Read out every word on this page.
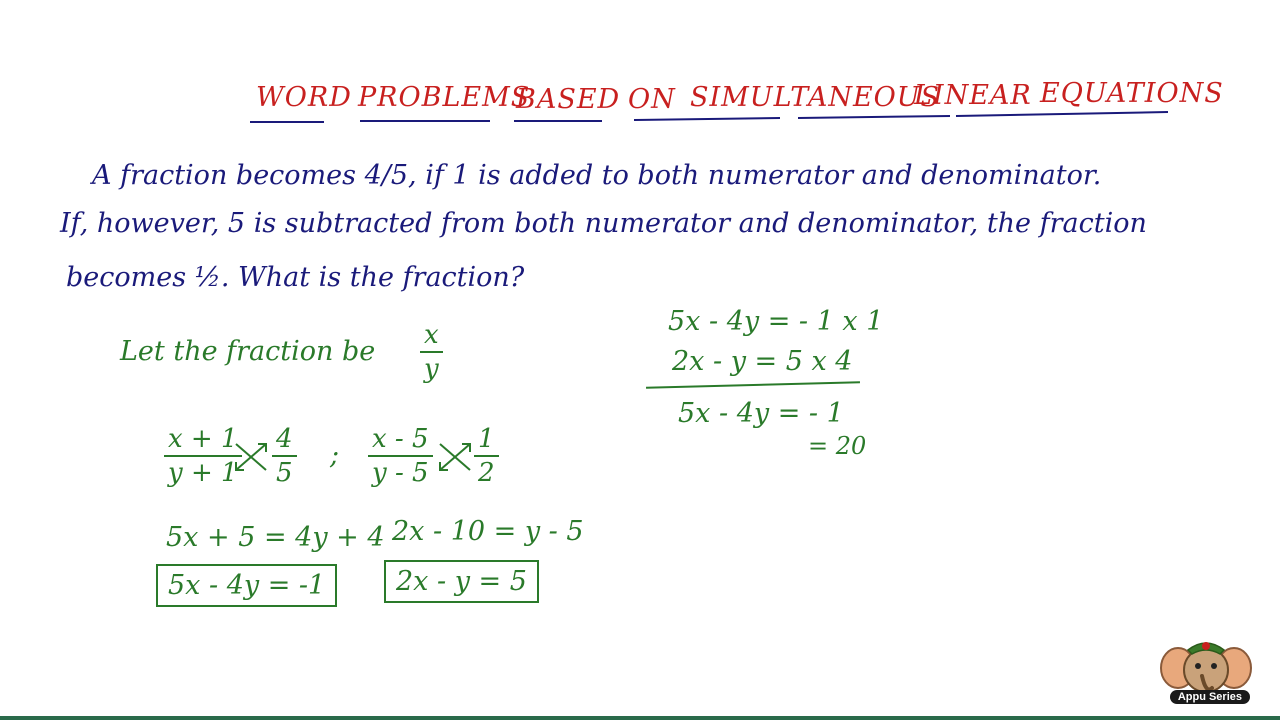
WORD PROBLEMS
BASED ON SIMULTANEOUS
LINEAR EQUATIONS
A fraction becomes 4/5, if 1 is added to both numerator and denominator.
If, however, 5 is subtracted from both numerator and denominator, the fraction
becomes ½. What is the fraction?
Let the fraction be
x
y
x + 1
y + 1
4
5
;
x - 5
y - 5
1
2
5x + 5 = 4y + 4
5x - 4y = -1
2x - 10 = y - 5
2x - y = 5
5x - 4y = - 1 x 1
2x - y = 5 x 4
5x - 4y = - 1
= 20
Appu Series
